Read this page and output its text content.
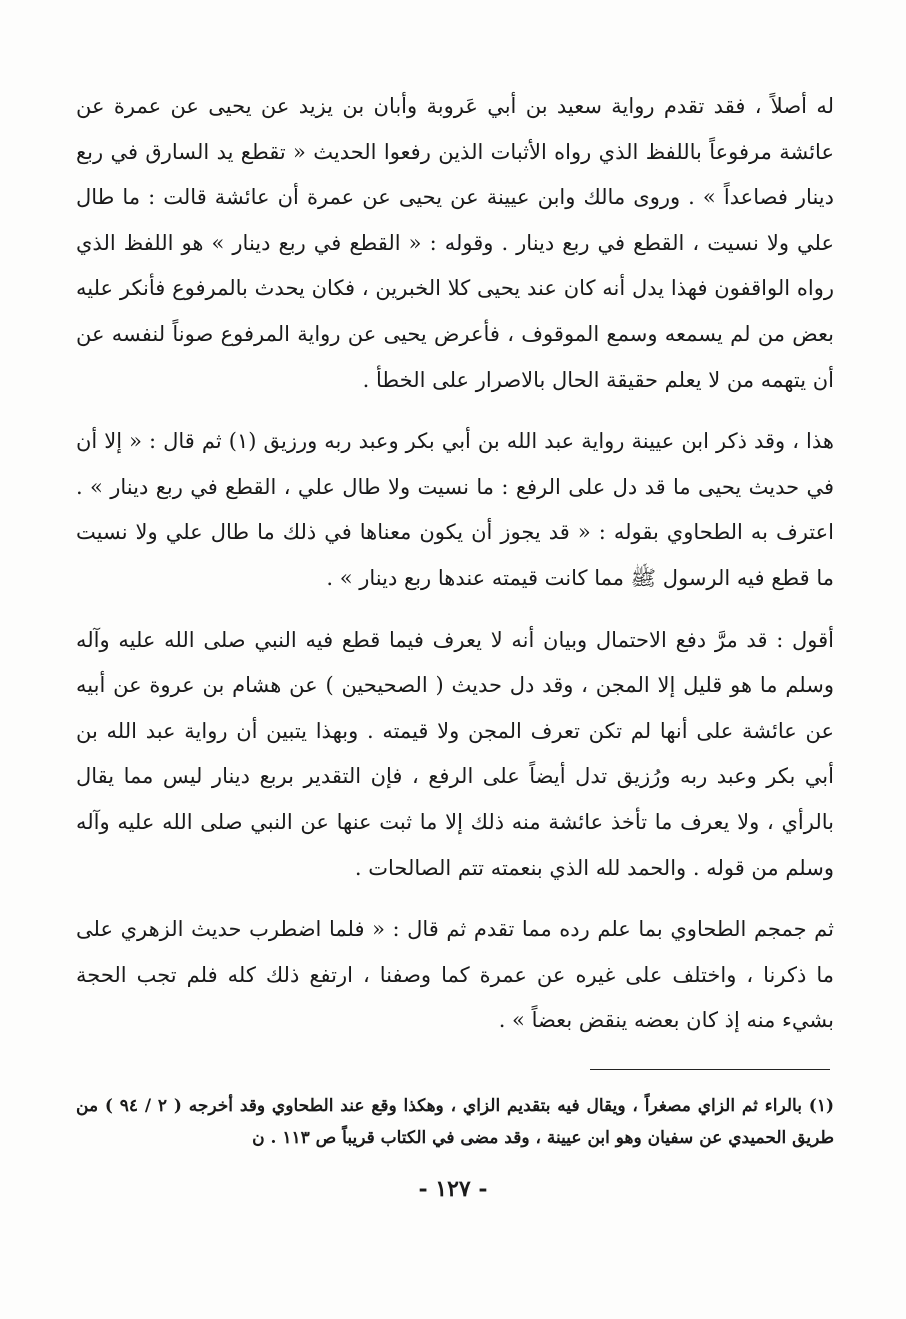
له أصلاً ، فقد تقدم رواية سعيد بن أبي عَروبة وأبان بن يزيد عن يحيى عن عمرة عن عائشة مرفوعاً باللفظ الذي رواه الأثبات الذين رفعوا الحديث « تقطع يد السارق في ربع دينار فصاعداً » . وروى مالك وابن عيينة عن يحيى عن عمرة أن عائشة قالت : ما طال علي ولا نسيت ، القطع في ربع دينار . وقوله : « القطع في ربع دينار » هو اللفظ الذي رواه الواقفون فهذا يدل أنه كان عند يحيى كلا الخبرين ، فكان يحدث بالمرفوع فأنكر عليه بعض من لم يسمعه وسمع الموقوف ، فأعرض يحيى عن رواية المرفوع صوناً لنفسه عن أن يتهمه من لا يعلم حقيقة الحال بالاصرار على الخطأ .

هذا ، وقد ذكر ابن عيينة رواية عبد الله بن أبي بكر وعبد ربه ورزيق (١) ثم قال : « إلا أن في حديث يحيى ما قد دل على الرفع : ما نسيت ولا طال علي ، القطع في ربع دينار » . اعترف به الطحاوي بقوله : « قد يجوز أن يكون معناها في ذلك ما طال علي ولا نسيت ما قطع فيه الرسول ﷺ مما كانت قيمته عندها ربع دينار » .

أقول : قد مرَّ دفع الاحتمال وبيان أنه لا يعرف فيما قطع فيه النبي صلى الله عليه وآله وسلم ما هو قليل إلا المجن ، وقد دل حديث ( الصحيحين ) عن هشام بن عروة عن أبيه عن عائشة على أنها لم تكن تعرف المجن ولا قيمته . وبهذا يتبين أن رواية عبد الله بن أبي بكر وعبد ربه ورُزيق تدل أيضاً على الرفع ، فإن التقدير بربع دينار ليس مما يقال بالرأي ، ولا يعرف ما تأخذ عائشة منه ذلك إلا ما ثبت عنها عن النبي صلى الله عليه وآله وسلم من قوله . والحمد لله الذي بنعمته تتم الصالحات .

ثم جمجم الطحاوي بما علم رده مما تقدم ثم قال : « فلما اضطرب حديث الزهري على ما ذكرنا ، واختلف على غيره عن عمرة كما وصفنا ، ارتفع ذلك كله فلم تجب الحجة بشيء منه إذ كان بعضه ينقض بعضاً » .

(١) بالراء ثم الزاي مصغراً ، ويقال فيه بتقديم الزاي ، وهكذا وقع عند الطحاوي وقد أخرجه ( ٢ / ٩٤ ) من طريق الحميدي عن سفيان وهو ابن عيينة ، وقد مضى في الكتاب قريباً ص ١١٣ . ن

- ١٢٧ -
